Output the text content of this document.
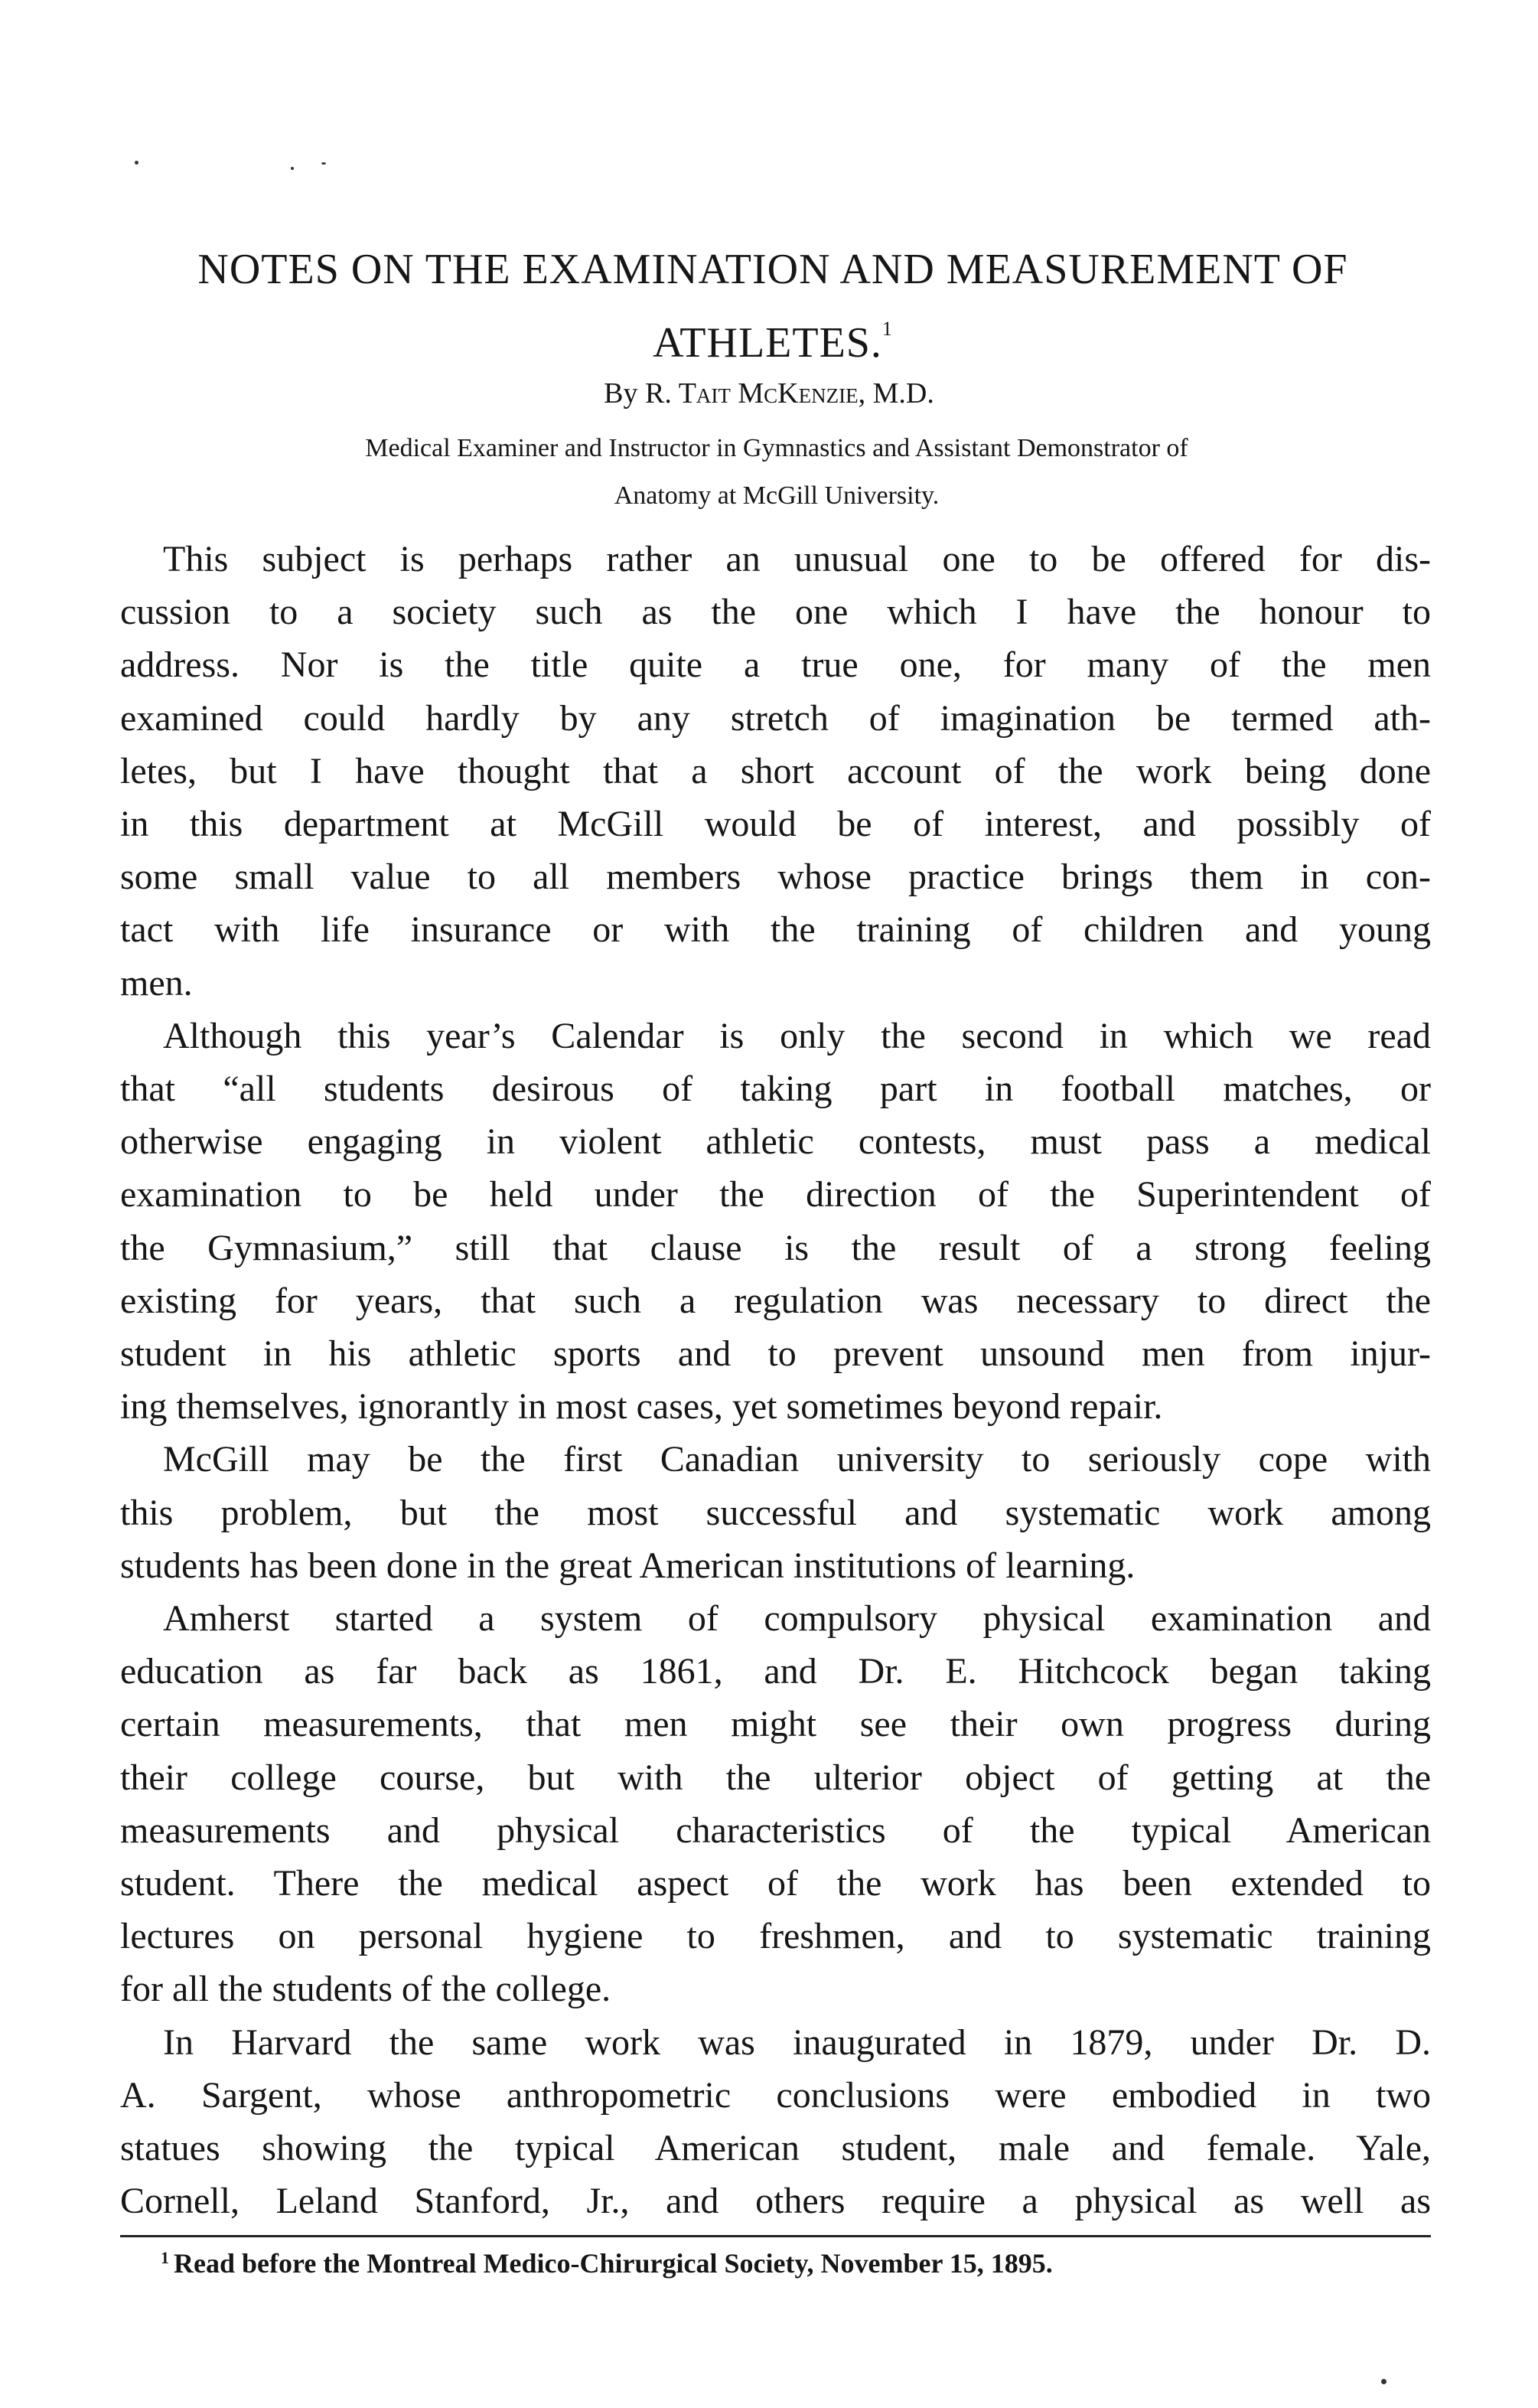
NOTES ON THE EXAMINATION AND MEASUREMENT OF
ATHLETES.$^1$
By R. Tait McKenzie, M.D.
Medical Examiner and Instructor in Gymnastics and Assistant Demonstrator of
Anatomy at McGill University.

This subject is perhaps rather an unusual one to be offered for dis-

cussion to a society such as the one which I have the honour to

address. Nor is the title quite a true one, for many of the men

examined could hardly by any stretch of imagination be termed ath-

letes, but I have thought that a short account of the work being done

in this department at McGill would be of interest, and possibly of

some small value to all members whose practice brings them in con-

tact with life insurance or with the training of children and young

men.

Although this year’s Calendar is only the second in which we read

that “all students desirous of taking part in football matches, or

otherwise engaging in violent athletic contests, must pass a medical

examination to be held under the direction of the Superintendent of

the Gymnasium,” still that clause is the result of a strong feeling

existing for years, that such a regulation was necessary to direct the

student in his athletic sports and to prevent unsound men from injur-

ing themselves, ignorantly in most cases, yet sometimes beyond repair.

McGill may be the first Canadian university to seriously cope with

this problem, but the most successful and systematic work among

students has been done in the great American institutions of learning.

Amherst started a system of compulsory physical examination and

education as far back as 1861, and Dr. E. Hitchcock began taking

certain measurements, that men might see their own progress during

their college course, but with the ulterior object of getting at the

measurements and physical characteristics of the typical American

student. There the medical aspect of the work has been extended to

lectures on personal hygiene to freshmen, and to systematic training

for all the students of the college.

In Harvard the same work was inaugurated in 1879, under Dr. D.

A. Sargent, whose anthropometric conclusions were embodied in two

statues showing the typical American student, male and female. Yale,

Cornell, Leland Stanford, Jr., and others require a physical as well as

$^1$ Read before the Montreal Medico-Chirurgical Society, November 15, 1895.
